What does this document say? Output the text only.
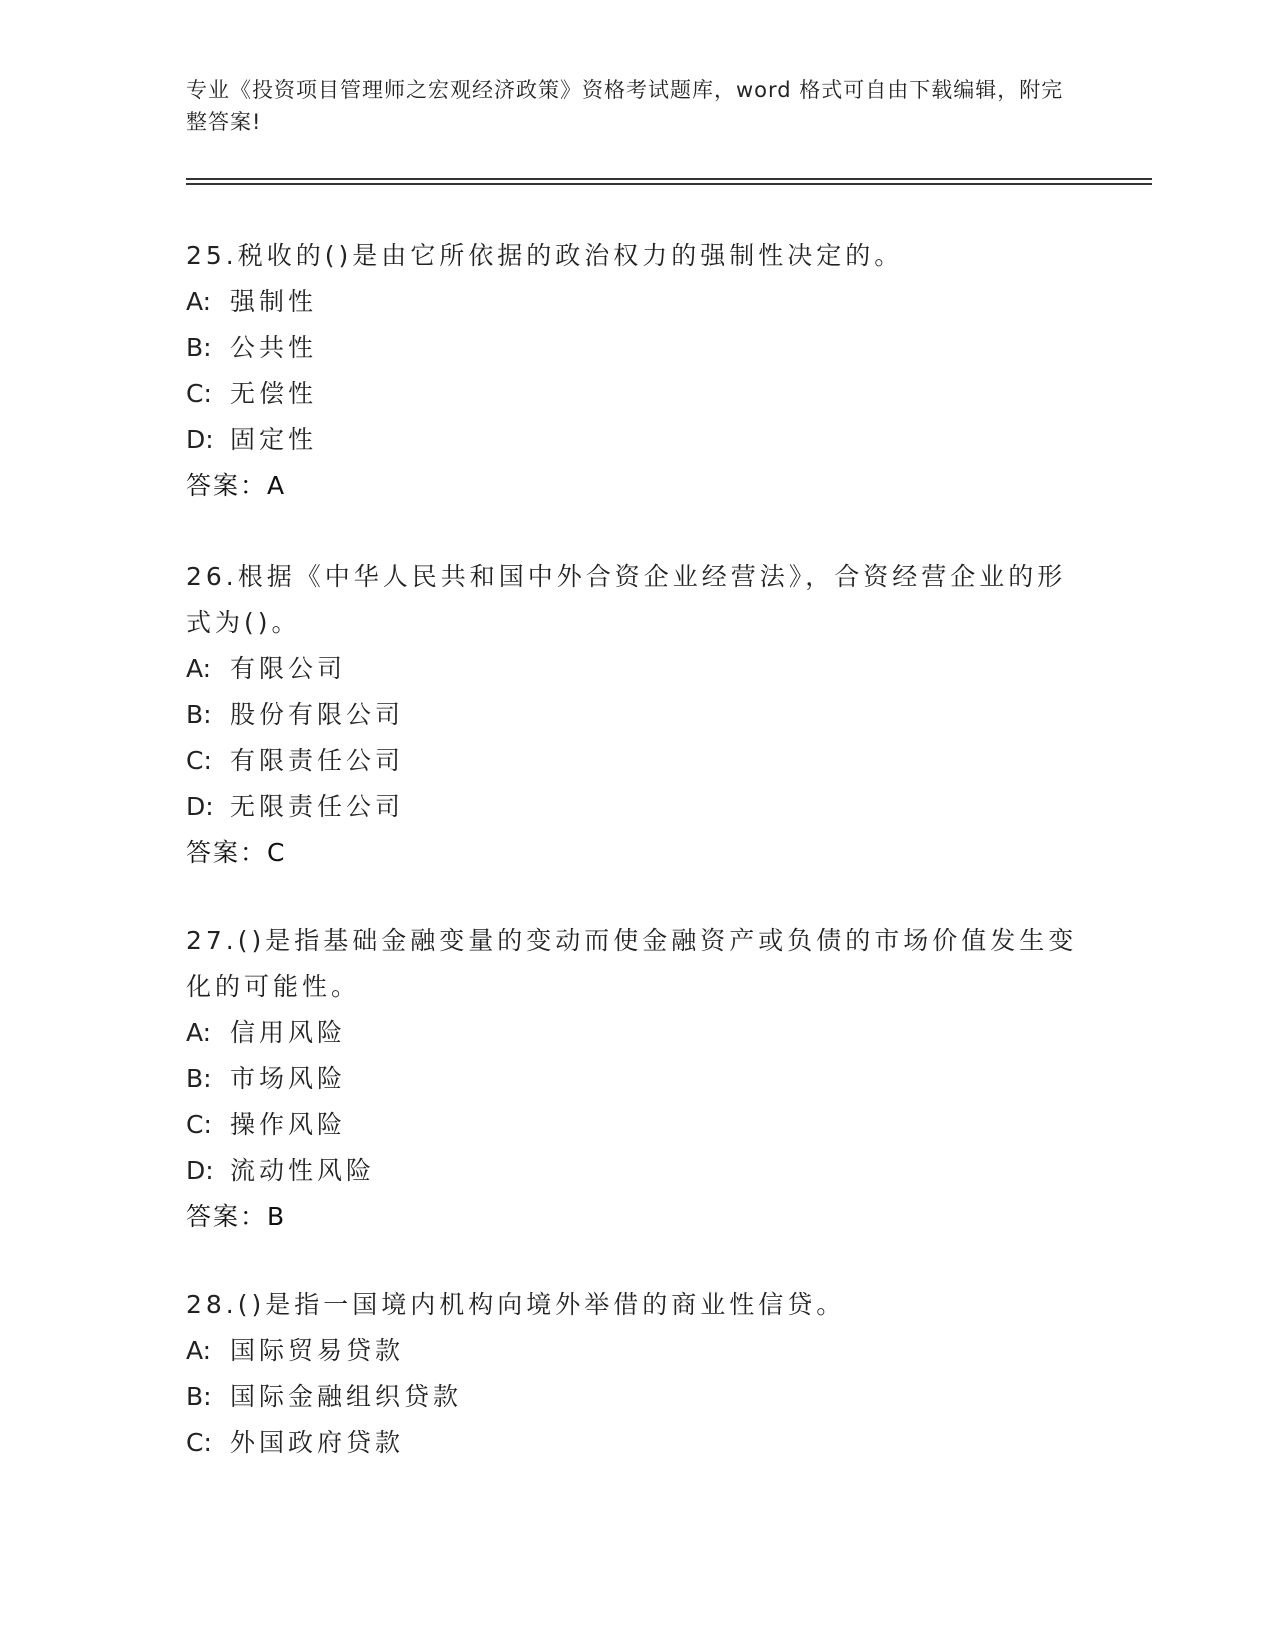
专业《投资项目管理师之宏观经济政策》资格考试题库，word 格式可自由下载编辑，附完整答案!

25.税收的()是由它所依据的政治权力的强制性决定的。

A: 强制性

B: 公共性

C: 无偿性

D: 固定性

答案：A

26.根据《中华人民共和国中外合资企业经营法》，合资经营企业的形式为()。

A: 有限公司

B: 股份有限公司

C: 有限责任公司

D: 无限责任公司

答案：C

27.()是指基础金融变量的变动而使金融资产或负债的市场价值发生变化的可能性。

A: 信用风险

B: 市场风险

C: 操作风险

D: 流动性风险

答案：B

28.()是指一国境内机构向境外举借的商业性信贷。

A: 国际贸易贷款

B: 国际金融组织贷款

C: 外国政府贷款
